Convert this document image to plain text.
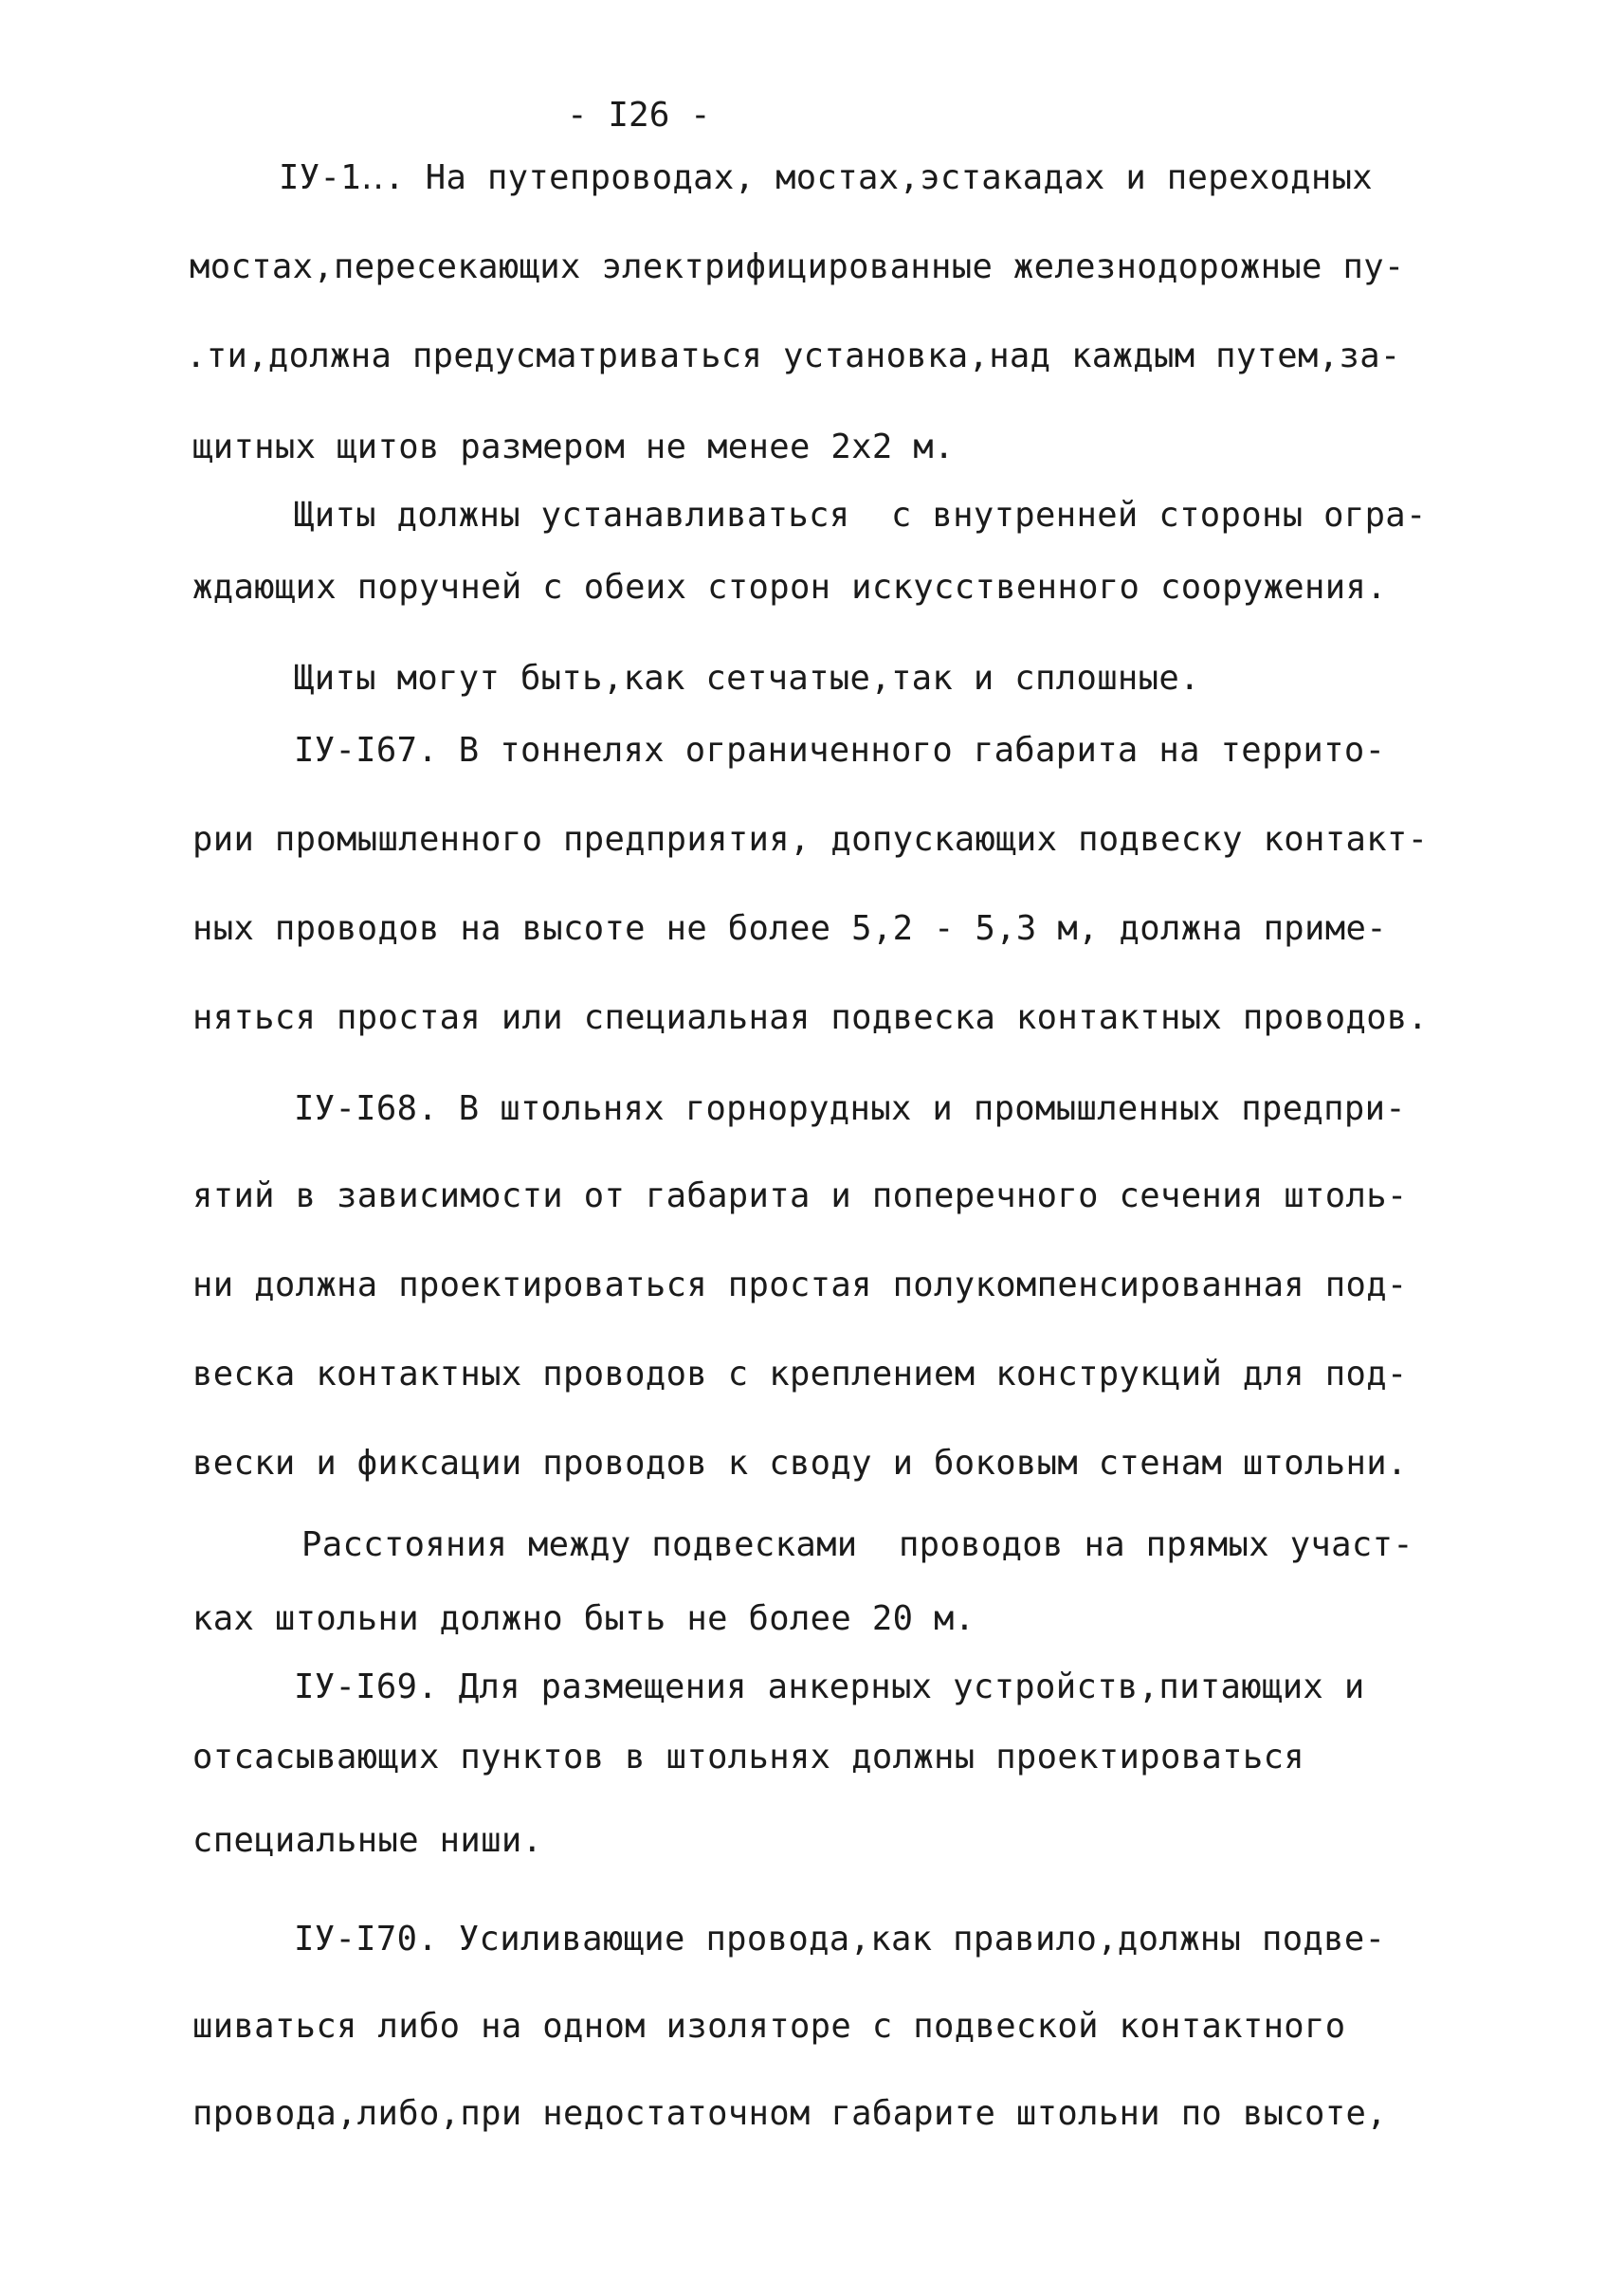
- I26 -
IУ-1․․. На путепроводах, мостах,эстакадах и переходных
мостах,пересекающих электрифицированные железнодорожные пу-
.ти,должна предусматриваться установка,над каждым путем,за-
щитных щитов размером не менее 2х2 м.
Щиты должны устанавливаться  с внутренней стороны огра-
ждающих поручней с обеих сторон искусственного сооружения.
Щиты могут быть,как сетчатые,так и сплошные.
IУ-I67. В тоннелях ограниченного габарита на террито-
рии промышленного предприятия, допускающих подвеску контакт-
ных проводов на высоте не более 5,2 - 5,3 м, должна приме-
няться простая или специальная подвеска контактных проводов.
IУ-I68. В штольнях горнорудных и промышленных предпри-
ятий в зависимости от габарита и поперечного сечения штоль-
ни должна проектироваться простая полукомпенсированная под-
веска контактных проводов с креплением конструкций для под-
вески и фиксации проводов к своду и боковым стенам штольни.
Расстояния между подвесками  проводов на прямых участ-
ках штольни должно быть не более 20 м.
IУ-I69. Для размещения анкерных устройств,питающих и
отсасывающих пунктов в штольнях должны проектироваться
специальные ниши.
IУ-I70. Усиливающие провода,как правило,должны подве-
шиваться либо на одном изоляторе с подвеской контактного
провода,либо,при недостаточном габарите штольни по высоте,
